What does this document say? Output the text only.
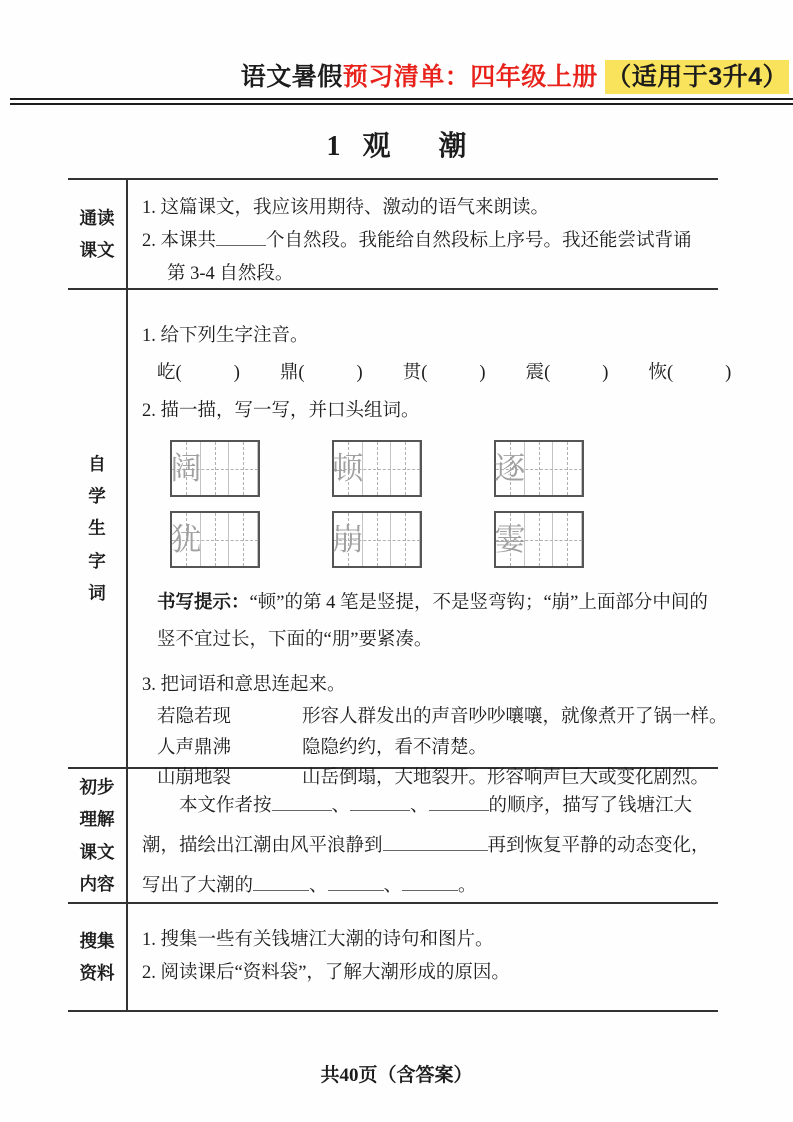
语文暑假预习清单：四年级上册 （适用于3升4）
1 观 潮
通读
课文
1. 这篇课文，我应该用期待、激动的语气来朗读。
2. 本课共	个自然段。我能给自然段标上序号。我还能尝试背诵
第 3-4 自然段。
自
学
生
字
词
1. 给下列生字注音。
屹(	) 鼎(	) 贯(	) 震(	) 恢(	)
2. 描一描，写一写，并口头组词。
阔	顿	逐
犹	崩	霎
书写提示：“顿”的第 4 笔是竖提，不是竖弯钩；“崩”上面部分中间的竖不宜过长，下面的“朋”要紧凑。
3. 把词语和意思连起来。
若隐若现	形容人群发出的声音吵吵嚷嚷，就像煮开了锅一样。
人声鼎沸	隐隐约约，看不清楚。
山崩地裂	山岳倒塌，大地裂开。形容响声巨大或变化剧烈。
初步
理解
课文
内容
本文作者按	、	、	的顺序，描写了钱塘江大潮，描绘出江潮由风平浪静到	再到恢复平静的动态变化，写出了大潮的	、	、	。
搜集
资料
1. 搜集一些有关钱塘江大潮的诗句和图片。
2. 阅读课后“资料袋”，了解大潮形成的原因。
共40页（含答案）
